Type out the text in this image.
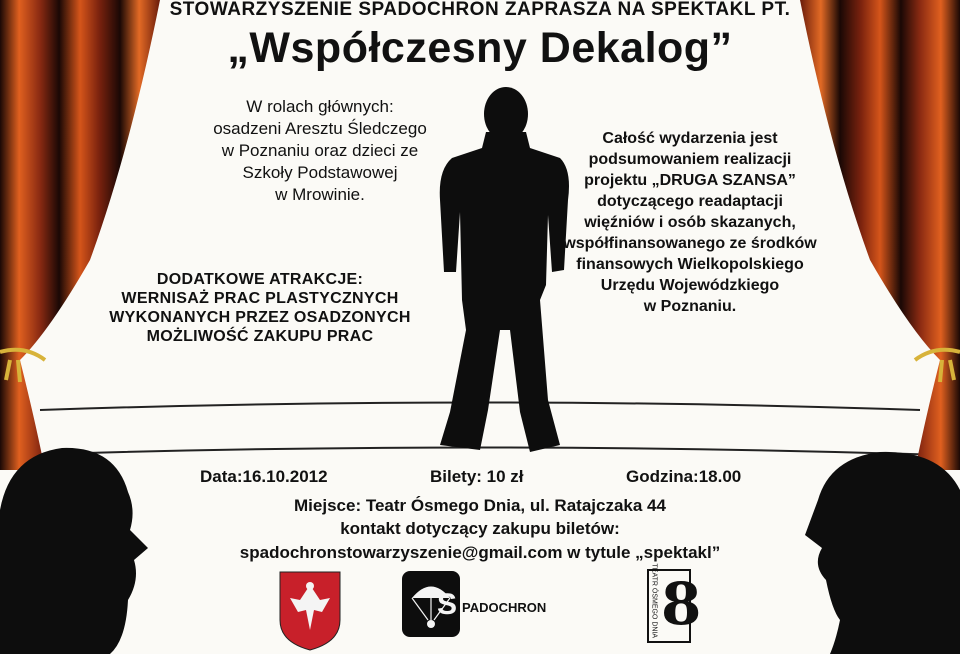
STOWARZYSZENIE SPADOCHRON ZAPRASZA NA SPEKTAKL PT.
„Współczesny Dekalog”
W rolach głównych:
osadzeni Aresztu Śledczego
w Poznaniu oraz dzieci ze
Szkoły Podstawowej
w Mrowinie.
DODATKOWE ATRAKCJE:
WERNISAŻ PRAC PLASTYCZNYCH
WYKONANYCH PRZEZ OSADZONYCH
MOŻLIWOŚĆ ZAKUPU PRAC
Całość wydarzenia jest
podsumowaniem realizacji
projektu „DRUGA SZANSA”
dotyczącego readaptacji
więźniów i osób skazanych,
współfinansowanego ze środków
finansowych Wielkopolskiego
Urzędu Wojewódzkiego
w Poznaniu.
Data:16.10.2012	Bilety: 10 zł	Godzina:18.00
Miejsce: Teatr Ósmego Dnia, ul. Ratajczaka 44
kontakt dotyczący zakupu biletów:
spadochronstowarzyszenie@gmail.com w tytule „spektakl”
S PADOCHRON 8
TEATR ÓSMEGO DNIA
